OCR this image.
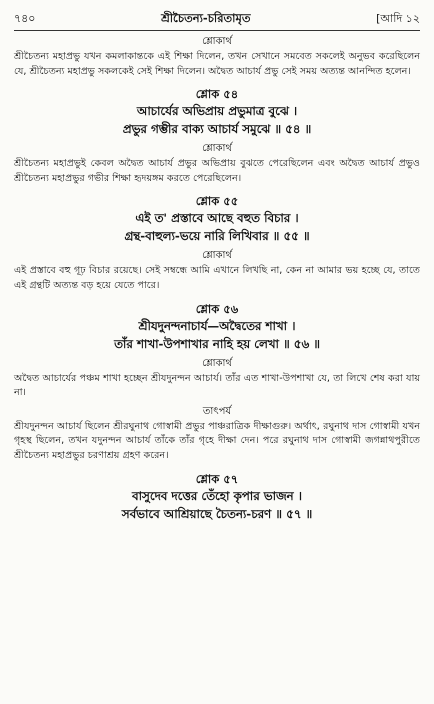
৭৪০	শ্রীচৈতন্য-চরিতামৃত	[আদি ১২
শ্লোকার্থ
শ্রীচৈতন্য মহাপ্রভু যখন কমলাকান্তকে এই শিক্ষা দিলেন, তখন সেখানে সমবেত সকলেই অনুভব করেছিলেন যে, শ্রীচৈতন্য মহাপ্রভু সকলকেই সেই শিক্ষা দিলেন। অদ্বৈত আচার্য প্রভু সেই সময় অত্যন্ত আনন্দিত হলেন।
শ্লোক ৫৪
আচার্যের অভিপ্রায় প্রভুমাত্র বুঝে ।
প্রভুর গম্ভীর বাক্য আচার্য সমুঝে ॥ ৫৪ ॥
শ্লোকার্থ
শ্রীচৈতন্য মহাপ্রভুই কেবল অদ্বৈত আচার্য প্রভুর অভিপ্রায় বুঝতে পেরেছিলেন এবং অদ্বৈত আচার্য প্রভুও শ্রীচৈতন্য মহাপ্রভুর গভীর শিক্ষা হৃদয়ঙ্গম করতে পেরেছিলেন।
শ্লোক ৫৫
এই ত' প্রস্তাবে আছে বহুত বিচার ।
গ্রন্থ-বাহুল্য-ভয়ে নারি লিখিবার ॥ ৫৫ ॥
শ্লোকার্থ
এই প্রস্তাবে বহু গূঢ় বিচার রয়েছে। সেই সম্বন্ধে আমি এখানে লিখছি না, কেন না আমার ভয় হচ্ছে যে, তাতে এই গ্রন্থটি অত্যন্ত বড় হয়ে যেতে পারে।
শ্লোক ৫৬
শ্রীযদুনন্দনাচার্য—অদ্বৈতের শাখা ।
তাঁর শাখা-উপশাখার নাহি হয় লেখা ॥ ৫৬ ॥
শ্লোকার্থ
অদ্বৈত আচার্যের পঞ্চম শাখা হচ্ছেন শ্রীযদুনন্দন আচার্য। তাঁর এত শাখা-উপশাখা যে, তা লিখে শেষ করা যায় না।
তাৎপর্য
শ্রীযদুনন্দন আচার্য ছিলেন শ্রীরঘুনাথ গোস্বামী প্রভুর পাঞ্চরাত্রিক দীক্ষাগুরু। অর্থাৎ, রঘুনাথ দাস গোস্বামী যখন গৃহস্থ ছিলেন, তখন যদুনন্দন আচার্য তাঁকে তাঁর গৃহে দীক্ষা দেন। পরে রঘুনাথ দাস গোস্বামী জগন্নাথপুরীতে শ্রীচৈতন্য মহাপ্রভুর চরণাশ্রয় গ্রহণ করেন।
শ্লোক ৫৭
বাসুদেব দত্তের তেঁহো কৃপার ভাজন ।
সর্বভাবে আশ্রিয়াছে চৈতন্য-চরণ ॥ ৫৭ ॥
